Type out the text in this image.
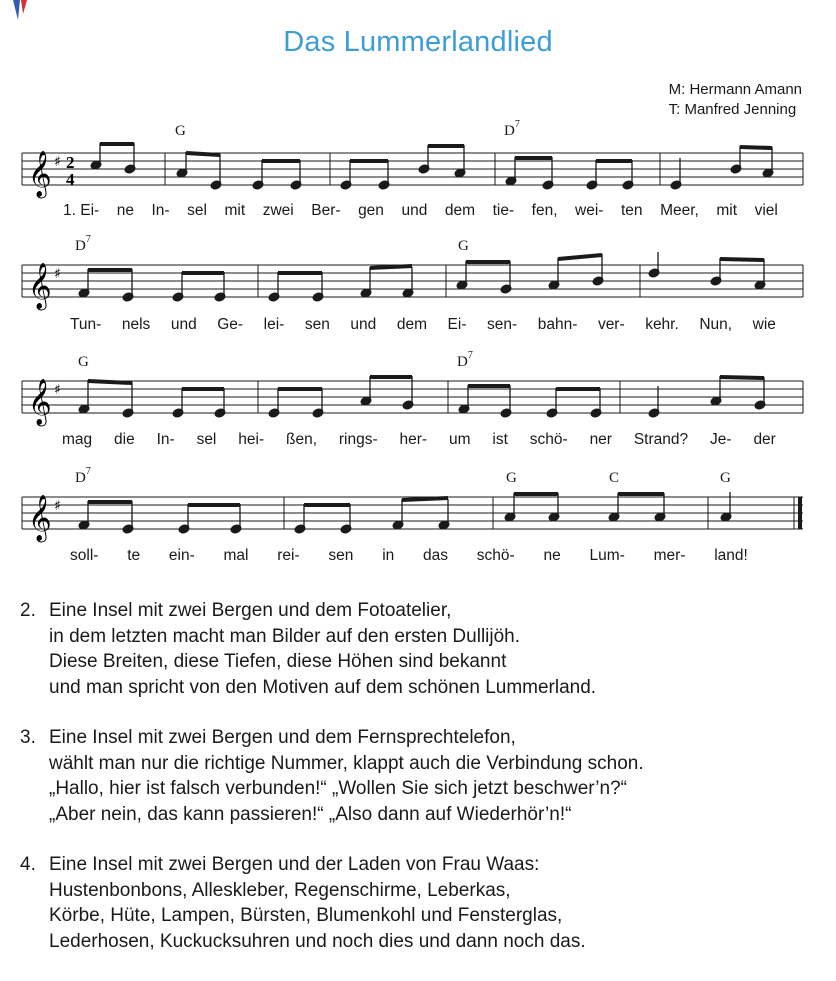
Das Lummerlandlied
M: Hermann Amann
T: Manfred Jenning
G	$D^7$
𝄞 ♯ 2
4
1. Ei- ne In- sel mit zwei Ber- gen und dem tie- fen, wei- ten Meer, mit viel
$D^7$	G
𝄞 ♯
Tun- nels und Ge- lei- sen und dem Ei- sen- bahn- ver- kehr. Nun, wie
G	$D^7$
𝄞 ♯
mag die In- sel hei- ßen, rings- her- um ist schö- ner Strand? Je- der
$D^7$	G	C	G
𝄞 ♯
soll- te ein- mal rei- sen in das schö- ne Lum- mer- land!
2. Eine Insel mit zwei Bergen und dem Fotoatelier,
in dem letzten macht man Bilder auf den ersten Dullijöh.
Diese Breiten, diese Tiefen, diese Höhen sind bekannt
und man spricht von den Motiven auf dem schönen Lummerland.
3. Eine Insel mit zwei Bergen und dem Fernsprechtelefon,
wählt man nur die richtige Nummer, klappt auch die Verbindung schon.
„Hallo, hier ist falsch verbunden!“ „Wollen Sie sich jetzt beschwer’n?“
„Aber nein, das kann passieren!“ „Also dann auf Wiederhör’n!“
4. Eine Insel mit zwei Bergen und der Laden von Frau Waas:
Hustenbonbons, Alleskleber, Regenschirme, Leberkas,
Körbe, Hüte, Lampen, Bürsten, Blumenkohl und Fensterglas,
Lederhosen, Kuckucksuhren und noch dies und dann noch das.
